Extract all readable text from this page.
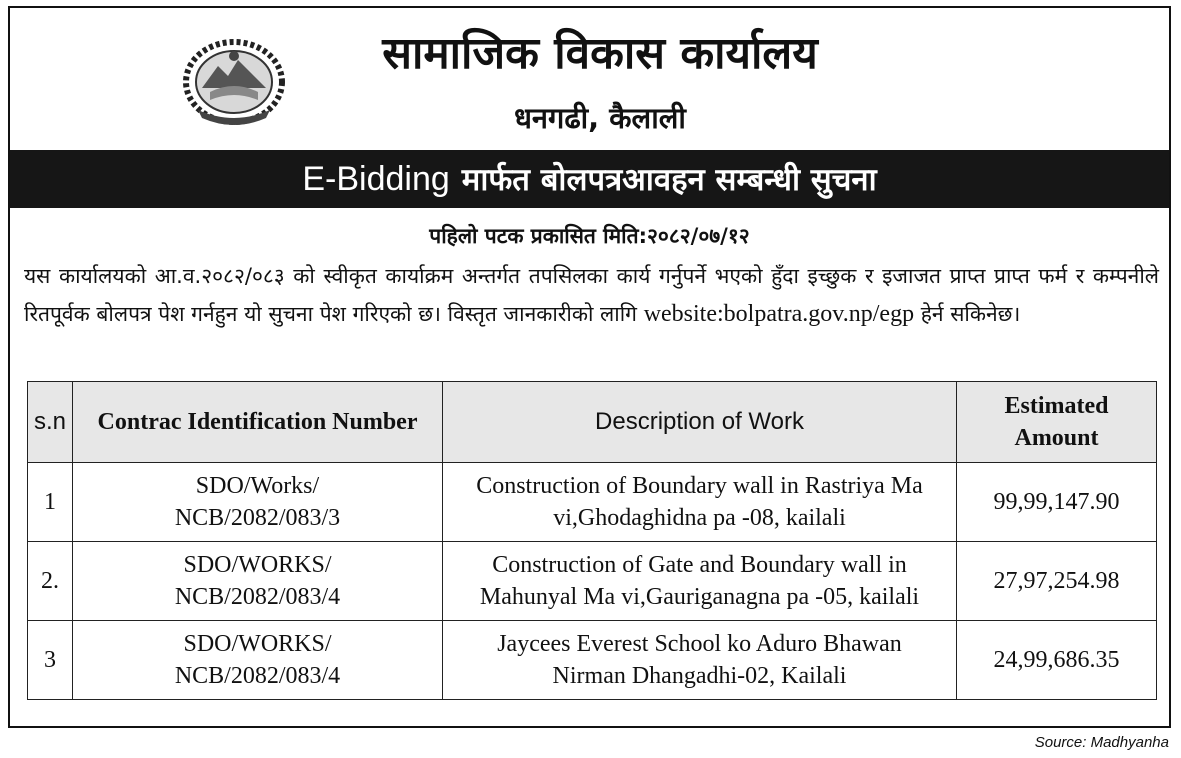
सामाजिक विकास कार्यालय
धनगढी, कैलाली
E-Bidding मार्फत बोलपत्रआवहन सम्बन्धी सुचना
पहिलो पटक प्रकासित मिति:२०८२/०७/१२
यस कार्यालयको आ.व.२०८२/०८३ को स्वीकृत कार्याक्रम अन्तर्गत तपसिलका कार्य गर्नुपर्ने भएको हुँदा इच्छुक र इजाजत प्राप्त प्राप्त फर्म र कम्पनीले रितपूर्वक बोलपत्र पेश गर्नहुन यो सुचना पेश गरिएको छ। विस्तृत जानकारीको लागि website:bolpatra.gov.np/egp हेर्न सकिनेछ।
s.n	Contrac Identification Number	Description of Work	Estimated Amount
1	SDO/Works/ NCB/2082/083/3	Construction of Boundary wall in Rastriya Ma vi,Ghodaghidna pa -08, kailali	99,99,147.90
2.	SDO/WORKS/ NCB/2082/083/4	Construction of Gate and Boundary wall in Mahunyal Ma vi,Gauriganagna pa -05, kailali	27,97,254.98
3	SDO/WORKS/ NCB/2082/083/4	Jaycees Everest School ko Aduro Bhawan Nirman Dhangadhi-02, Kailali	24,99,686.35
Source: Madhyanha
